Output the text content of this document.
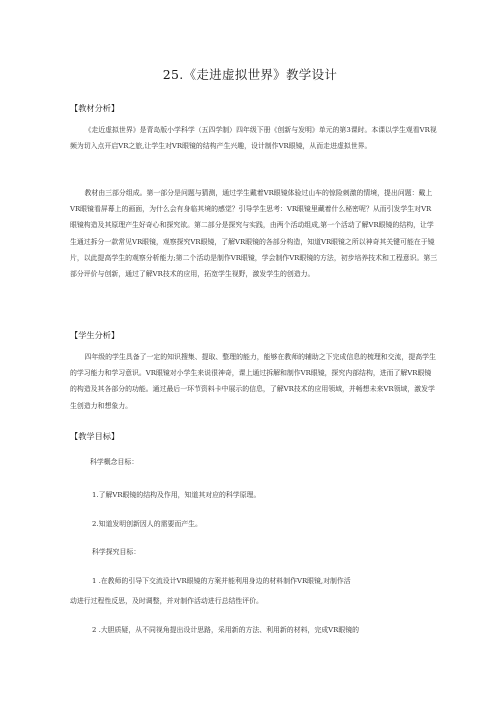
25.《走进虚拟世界》教学设计
【教材分析】

《走近虚拟世界》是青岛版小学科学（五四学制）四年级下册《创新与发明》单元的第3课时。本课以学生观看VR视频为切入点开启VR之旅,让学生对VR眼镜的结构产生兴趣，设计制作VR眼镜，从而走进虚拟世界。

教材由三部分组成。第一部分是问题与猜测，通过学生戴着VR眼镜体验过山车的惊险刺激的情境，提出问题：戴上VR眼镜看屏幕上的画面，为什么会有身临其境的感觉？引导学生思考：VR眼镜里藏着什么秘密呢？从而引发学生对VR眼镜构造及其原理产生好奇心和探究欲。第二部分是探究与实践，由两个活动组成,第一个活动了解VR眼镜的结构，让学生通过拆分一款常见VR眼镜，观察探究VR眼镜，了解VR眼镜的各部分构造，知道VR眼镜之所以神奇其关键可能在于镜片，以此提高学生的观察分析能力;第二个活动是制作VR眼镜，学会制作VR眼镜的方法，初步培养技术和工程意识。第三部分评价与创新，通过了解VR技术的应用，拓宽学生视野，激发学生的创造力。

【学生分析】

四年级的学生具备了一定的知识搜集、提取、整理的能力，能够在教师的辅助之下完成信息的梳理和交流，提高学生的学习能力和学习意识。VR眼镜对小学生来说很神奇，课上通过拆解和制作VR眼镜，探究内部结构，进而了解VR眼镜的构造及其各部分的功能。通过最后一环节资料卡中展示的信息，了解VR技术的应用领域，并畅想未来VR领域，激发学生创造力和想象力。

【教学目标】

科学概念目标：

1.了解VR眼镜的结构及作用，知道其对应的科学原理。

2.知道发明创新因人的需要而产生。

科学探究目标：

1 .在教师的引导下交流设计VR眼镜的方案并能利用身边的材料制作VR眼镜,对制作活

动进行过程性反思，及时调整，并对制作活动进行总结性评价。

2 .大胆质疑，从不同视角提出设计思路，采用新的方法、利用新的材料，完成VR眼镜的
